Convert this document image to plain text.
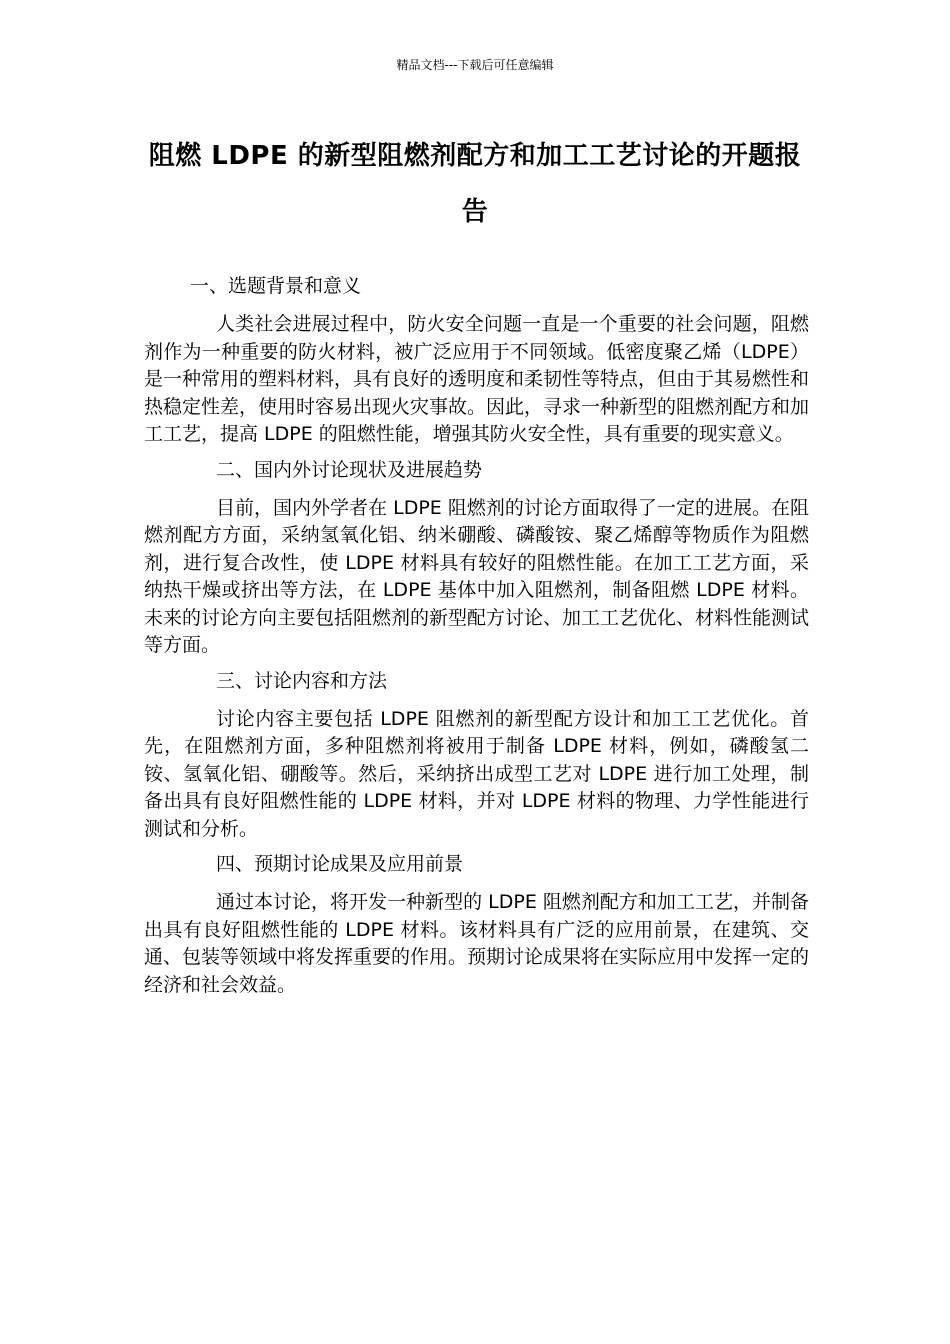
精品文档---下载后可任意编辑
阻燃 LDPE 的新型阻燃剂配方和加工工艺讨论的开题报告
一、选题背景和意义

人类社会进展过程中，防火安全问题一直是一个重要的社会问题，阻燃剂作为一种重要的防火材料，被广泛应用于不同领域。低密度聚乙烯（LDPE）是一种常用的塑料材料，具有良好的透明度和柔韧性等特点，但由于其易燃性和热稳定性差，使用时容易出现火灾事故。因此，寻求一种新型的阻燃剂配方和加工工艺，提高 LDPE 的阻燃性能，增强其防火安全性，具有重要的现实意义。

二、国内外讨论现状及进展趋势

目前，国内外学者在 LDPE 阻燃剂的讨论方面取得了一定的进展。在阻燃剂配方方面，采纳氢氧化铝、纳米硼酸、磷酸铵、聚乙烯醇等物质作为阻燃剂，进行复合改性，使 LDPE 材料具有较好的阻燃性能。在加工工艺方面，采纳热干燥或挤出等方法，在 LDPE 基体中加入阻燃剂，制备阻燃 LDPE 材料。未来的讨论方向主要包括阻燃剂的新型配方讨论、加工工艺优化、材料性能测试等方面。

三、讨论内容和方法

讨论内容主要包括 LDPE 阻燃剂的新型配方设计和加工工艺优化。首先，在阻燃剂方面，多种阻燃剂将被用于制备 LDPE 材料，例如，磷酸氢二铵、氢氧化铝、硼酸等。然后，采纳挤出成型工艺对 LDPE 进行加工处理，制备出具有良好阻燃性能的 LDPE 材料，并对 LDPE 材料的物理、力学性能进行测试和分析。

四、预期讨论成果及应用前景

通过本讨论，将开发一种新型的 LDPE 阻燃剂配方和加工工艺，并制备出具有良好阻燃性能的 LDPE 材料。该材料具有广泛的应用前景，在建筑、交通、包装等领域中将发挥重要的作用。预期讨论成果将在实际应用中发挥一定的经济和社会效益。
